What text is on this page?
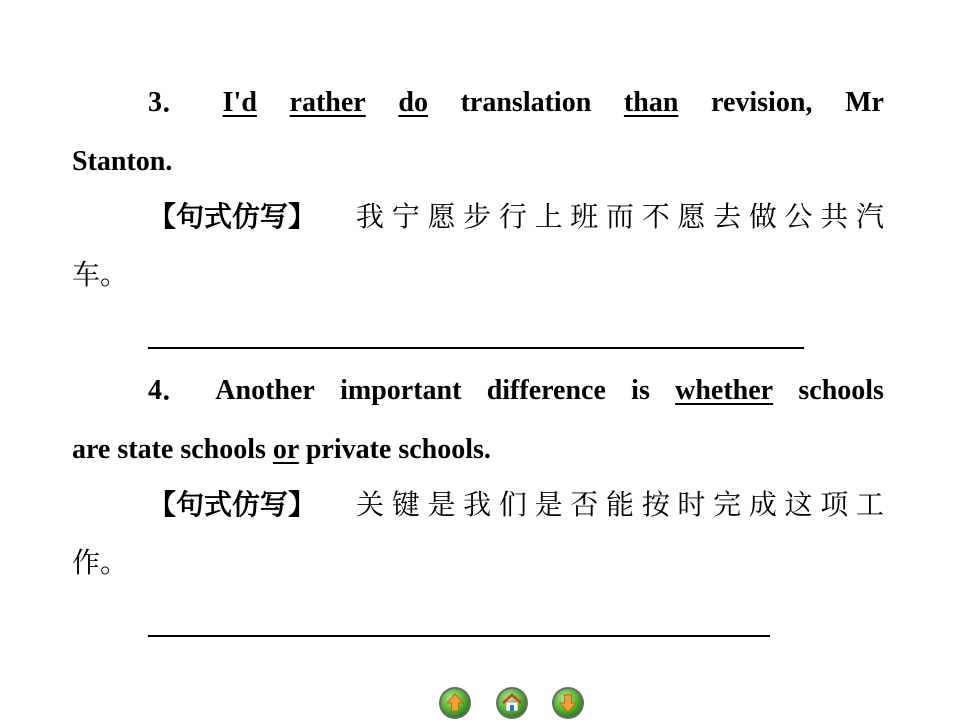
3． I'd rather do translation than revision, Mr
Stanton.
【句式仿写】 我宁愿步行上班而不愿去做公共汽
车。
4． Another important difference is whether schools
are state schools or private schools.
【句式仿写】 关键是我们是否能按时完成这项工
作。
